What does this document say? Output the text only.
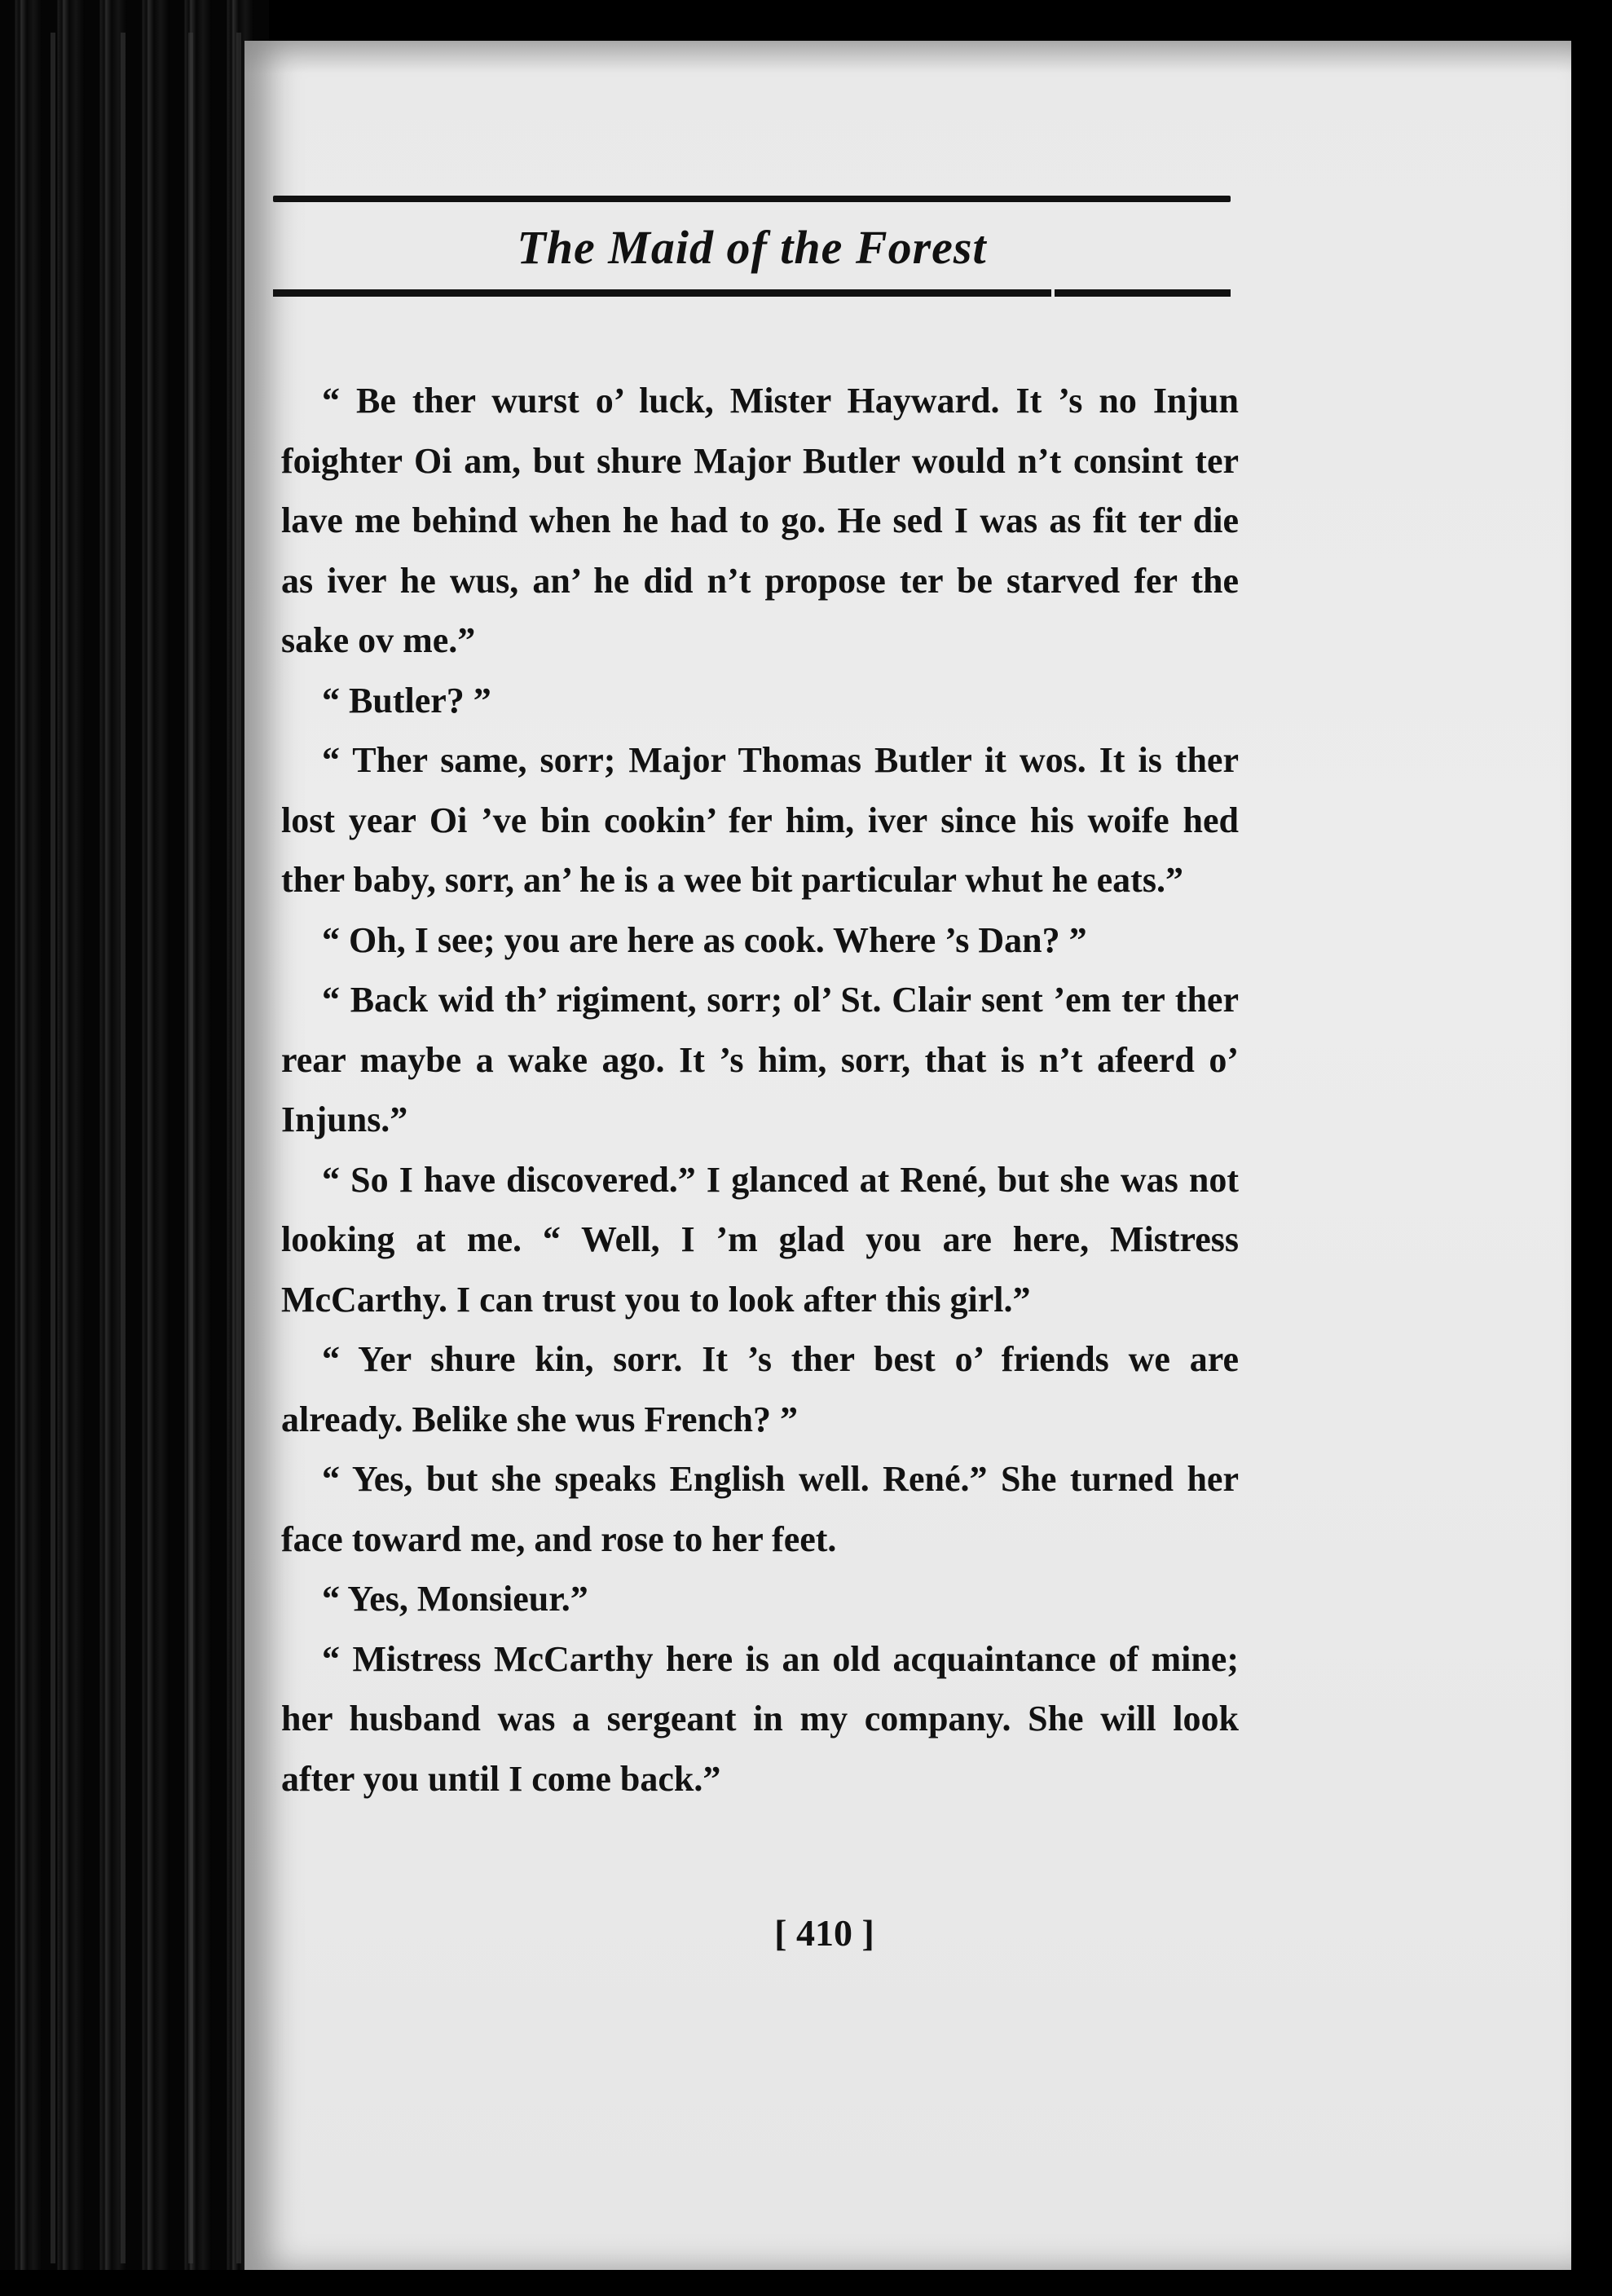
The Maid of the Forest

“ Be ther wurst o’ luck, Mister Hayward. It ’s no Injun foighter Oi am, but shure Major Butler would n’t consint ter lave me behind when he had to go. He sed I was as fit ter die as iver he wus, an’ he did n’t propose ter be starved fer the sake ov me.”

“ Butler? ”

“ Ther same, sorr; Major Thomas Butler it wos. It is ther lost year Oi ’ve bin cookin’ fer him, iver since his woife hed ther baby, sorr, an’ he is a wee bit particular whut he eats.”

“ Oh, I see; you are here as cook. Where ’s Dan? ”

“ Back wid th’ rigiment, sorr; ol’ St. Clair sent ’em ter ther rear maybe a wake ago. It ’s him, sorr, that is n’t afeerd o’ Injuns.”

“ So I have discovered.” I glanced at René, but she was not looking at me. “ Well, I ’m glad you are here, Mistress McCarthy. I can trust you to look after this girl.”

“ Yer shure kin, sorr. It ’s ther best o’ friends we are already. Belike she wus French? ”

“ Yes, but she speaks English well. René.” She turned her face toward me, and rose to her feet.

“ Yes, Monsieur.”

“ Mistress McCarthy here is an old acquaintance of mine; her husband was a sergeant in my company. She will look after you until I come back.”

[ 410 ]
